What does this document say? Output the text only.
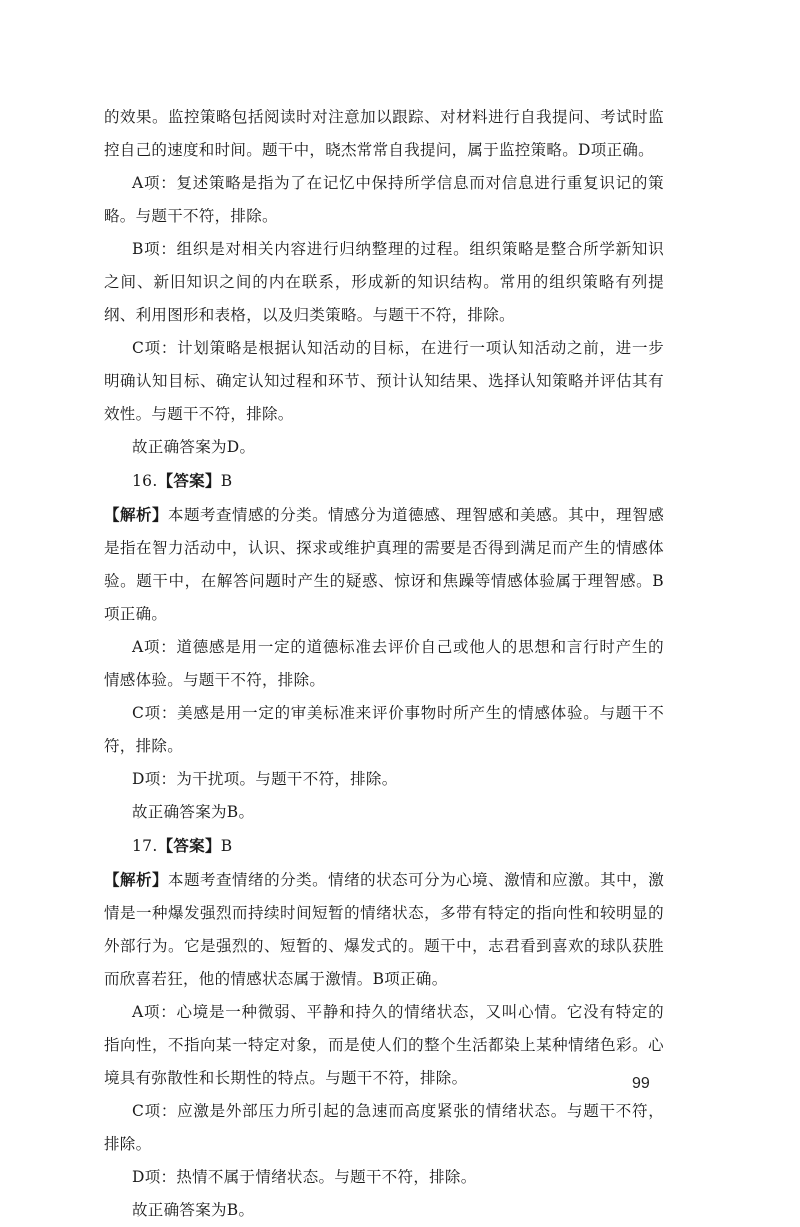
的效果。监控策略包括阅读时对注意加以跟踪、对材料进行自我提问、考试时监控自己的速度和时间。题干中，晓杰常常自我提问，属于监控策略。D项正确。

A项：复述策略是指为了在记忆中保持所学信息而对信息进行重复识记的策略。与题干不符，排除。

B项：组织是对相关内容进行归纳整理的过程。组织策略是整合所学新知识之间、新旧知识之间的内在联系，形成新的知识结构。常用的组织策略有列提纲、利用图形和表格，以及归类策略。与题干不符，排除。

C项：计划策略是根据认知活动的目标，在进行一项认知活动之前，进一步明确认知目标、确定认知过程和环节、预计认知结果、选择认知策略并评估其有效性。与题干不符，排除。

故正确答案为D。

16.【答案】B

【解析】本题考查情感的分类。情感分为道德感、理智感和美感。其中，理智感是指在智力活动中，认识、探求或维护真理的需要是否得到满足而产生的情感体验。题干中，在解答问题时产生的疑惑、惊讶和焦躁等情感体验属于理智感。B项正确。

A项：道德感是用一定的道德标准去评价自己或他人的思想和言行时产生的情感体验。与题干不符，排除。

C项：美感是用一定的审美标准来评价事物时所产生的情感体验。与题干不符，排除。

D项：为干扰项。与题干不符，排除。

故正确答案为B。

17.【答案】B

【解析】本题考查情绪的分类。情绪的状态可分为心境、激情和应激。其中，激情是一种爆发强烈而持续时间短暂的情绪状态，多带有特定的指向性和较明显的外部行为。它是强烈的、短暂的、爆发式的。题干中，志君看到喜欢的球队获胜而欣喜若狂，他的情感状态属于激情。B项正确。

A项：心境是一种微弱、平静和持久的情绪状态，又叫心情。它没有特定的指向性，不指向某一特定对象，而是使人们的整个生活都染上某种情绪色彩。心境具有弥散性和长期性的特点。与题干不符，排除。

C项：应激是外部压力所引起的急速而高度紧张的情绪状态。与题干不符，排除。

D项：热情不属于情绪状态。与题干不符，排除。

故正确答案为B。

99
